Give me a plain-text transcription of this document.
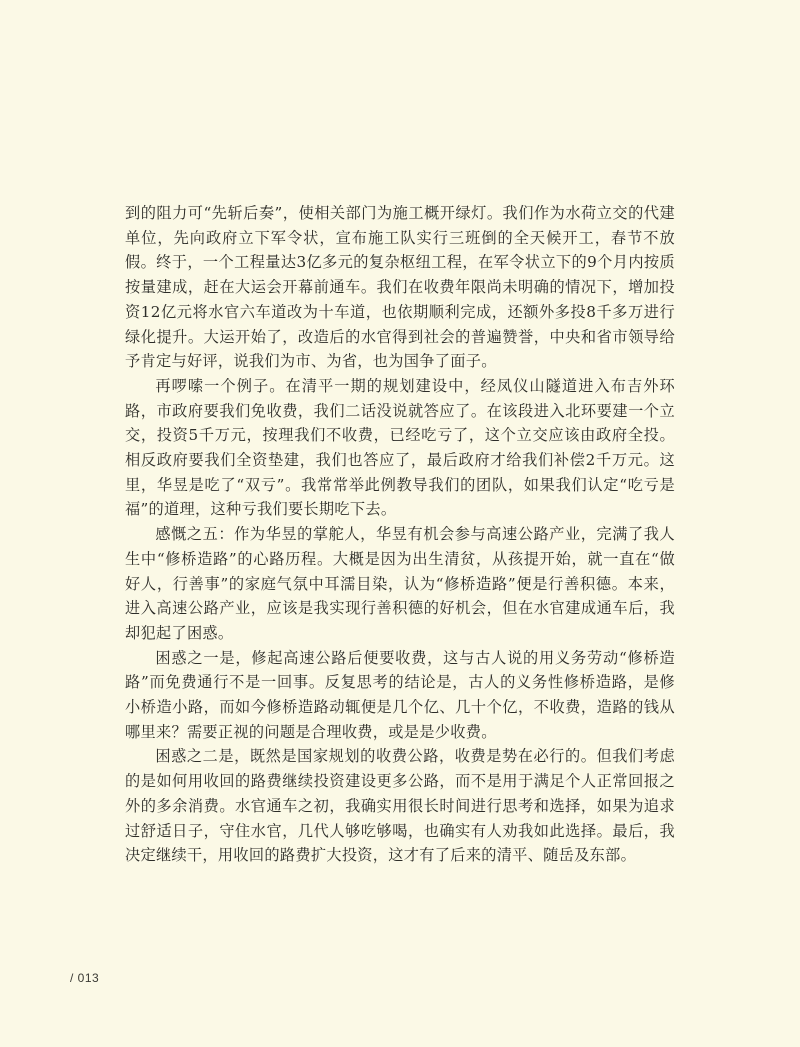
到的阻力可“先斩后奏”，使相关部门为施工概开绿灯。我们作为水荷立交的代建单位，先向政府立下军令状，宣布施工队实行三班倒的全天候开工，春节不放假。终于，一个工程量达3亿多元的复杂枢纽工程，在军令状立下的9个月内按质按量建成，赶在大运会开幕前通车。我们在收费年限尚未明确的情况下，增加投资12亿元将水官六车道改为十车道，也依期顺利完成，还额外多投8千多万进行绿化提升。大运开始了，改造后的水官得到社会的普遍赞誉，中央和省市领导给予肯定与好评，说我们为市、为省，也为国争了面子。

再啰嗦一个例子。在清平一期的规划建设中，经凤仪山隧道进入布吉外环路，市政府要我们免收费，我们二话没说就答应了。在该段进入北环要建一个立交，投资5千万元，按理我们不收费，已经吃亏了，这个立交应该由政府全投。相反政府要我们全资垫建，我们也答应了，最后政府才给我们补偿2千万元。这里，华昱是吃了“双亏”。我常常举此例教导我们的团队，如果我们认定“吃亏是福”的道理，这种亏我们要长期吃下去。

感慨之五：作为华昱的掌舵人，华昱有机会参与高速公路产业，完满了我人生中“修桥造路”的心路历程。大概是因为出生清贫，从孩提开始，就一直在“做好人，行善事”的家庭气氛中耳濡目染，认为“修桥造路”便是行善积德。本来，进入高速公路产业，应该是我实现行善积德的好机会，但在水官建成通车后，我却犯起了困惑。

困惑之一是，修起高速公路后便要收费，这与古人说的用义务劳动“修桥造路”而免费通行不是一回事。反复思考的结论是，古人的义务性修桥造路，是修小桥造小路，而如今修桥造路动辄便是几个亿、几十个亿，不收费，造路的钱从哪里来？需要正视的问题是合理收费，或是是少收费。

困惑之二是，既然是国家规划的收费公路，收费是势在必行的。但我们考虑的是如何用收回的路费继续投资建设更多公路，而不是用于满足个人正常回报之外的多余消费。水官通车之初，我确实用很长时间进行思考和选择，如果为追求过舒适日子，守住水官，几代人够吃够喝，也确实有人劝我如此选择。最后，我决定继续干，用收回的路费扩大投资，这才有了后来的清平、随岳及东部。

/ 013
